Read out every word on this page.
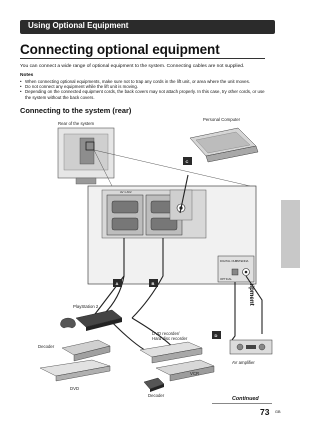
Using Optional Equipment
Connecting optional equipment
You can connect a wide range of optional equipment to the system. Connecting cables are not supplied.
Notes
• When connecting optional equipments, make sure not to trap any cords in the lift unit, or area where the unit moves.
• Do not connect any equipment while the lift unit is moving.
• Depending on the connected equipment cords, the back covers may not attach properly. In this case, try other cords, or use the system without the back covers.
Connecting to the system (rear)
Rear of the system
Personal Computer
C
AV 1 AV2
DIGITAL OUT
OPTICAL
ANTENNA
A	B
D
PlayStation 2
Decoder
DVD
DVD recorder/ Hard disc recorder
VCR
Decoder
AV amplifier
Continued
73 GB
